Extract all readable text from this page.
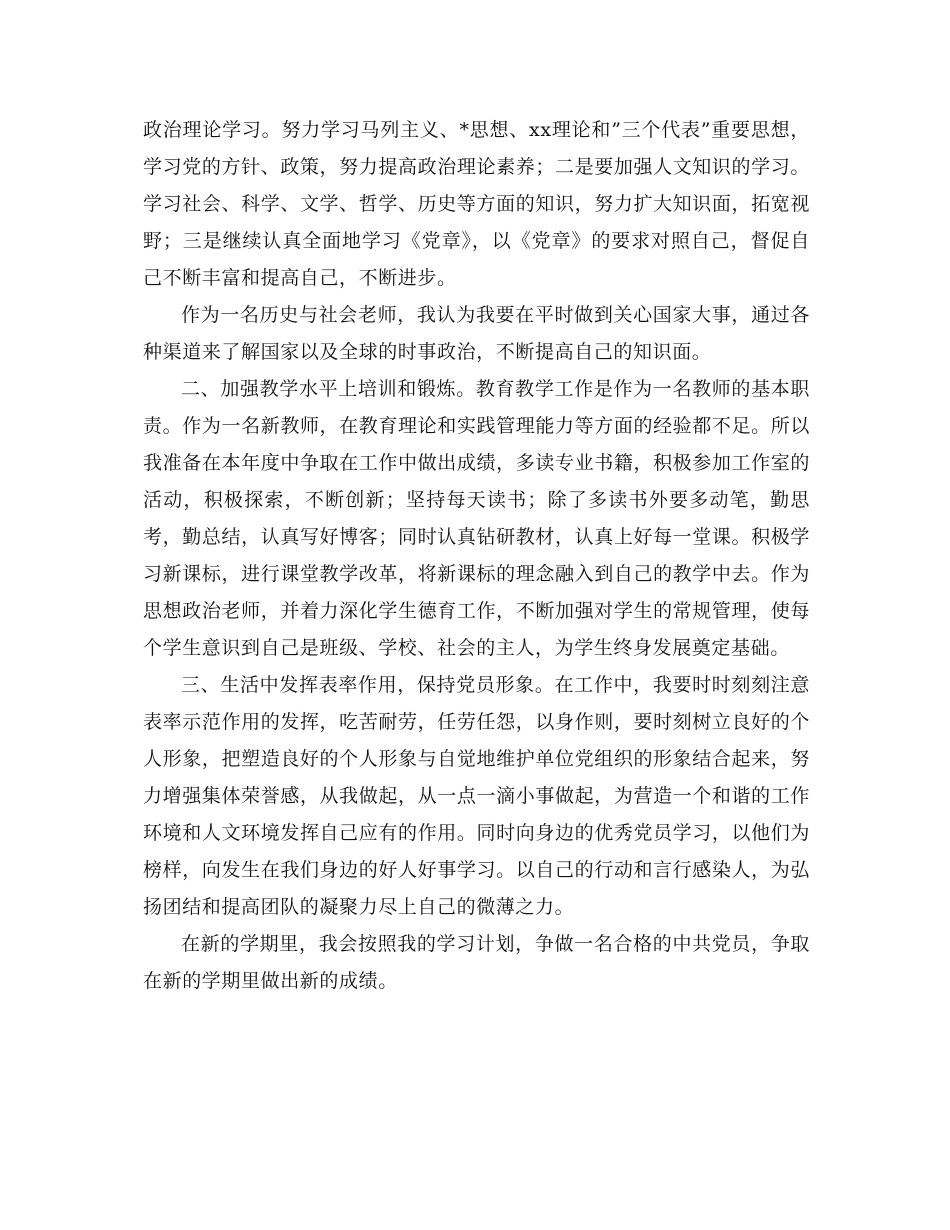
政治理论学习。努力学习马列主义、*思想、xx理论和”三个代表”重要思想，学习党的方针、政策，努力提高政治理论素养；二是要加强人文知识的学习。学习社会、科学、文学、哲学、历史等方面的知识，努力扩大知识面，拓宽视野；三是继续认真全面地学习《党章》，以《党章》的要求对照自己，督促自己不断丰富和提高自己，不断进步。

作为一名历史与社会老师，我认为我要在平时做到关心国家大事，通过各种渠道来了解国家以及全球的时事政治，不断提高自己的知识面。

二、加强教学水平上培训和锻炼。教育教学工作是作为一名教师的基本职责。作为一名新教师，在教育理论和实践管理能力等方面的经验都不足。所以我准备在本年度中争取在工作中做出成绩，多读专业书籍，积极参加工作室的活动，积极探索，不断创新；坚持每天读书；除了多读书外要多动笔，勤思考，勤总结，认真写好博客；同时认真钻研教材，认真上好每一堂课。积极学习新课标，进行课堂教学改革，将新课标的理念融入到自己的教学中去。作为思想政治老师，并着力深化学生德育工作，不断加强对学生的常规管理，使每个学生意识到自己是班级、学校、社会的主人，为学生终身发展奠定基础。

三、生活中发挥表率作用，保持党员形象。在工作中，我要时时刻刻注意表率示范作用的发挥，吃苦耐劳，任劳任怨，以身作则，要时刻树立良好的个人形象，把塑造良好的个人形象与自觉地维护单位党组织的形象结合起来，努力增强集体荣誉感，从我做起，从一点一滴小事做起，为营造一个和谐的工作环境和人文环境发挥自己应有的作用。同时向身边的优秀党员学习，以他们为榜样，向发生在我们身边的好人好事学习。以自己的行动和言行感染人，为弘扬团结和提高团队的凝聚力尽上自己的微薄之力。

在新的学期里，我会按照我的学习计划，争做一名合格的中共党员，争取在新的学期里做出新的成绩。
